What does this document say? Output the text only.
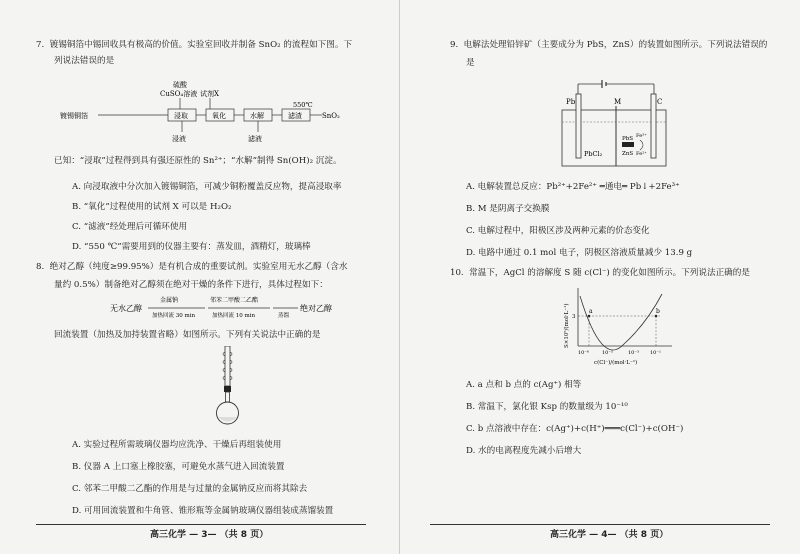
7. 镀锡铜箔中锡回收具有极高的价值。实验室回收并制备 SnO₂ 的流程如下图。下
列说法错误的是
硫酸
CuSO₄溶液 试剂X
镀锡铜箔	浸取	氧化	水解	滤渣
550℃
SnO₂
浸液	滤液
已知：“浸取”过程得到具有强还原性的 Sn²⁺；“水解”制得 Sn(OH)₂ 沉淀。
A. 向浸取液中分次加入镀锡铜箔，可减少铜粉覆盖反应物，提高浸取率
B. “氧化”过程使用的试剂 X 可以是 H₂O₂
C. “滤液”经处理后可循环使用
D. “550 ℃”需要用到的仪器主要有：蒸发皿，酒精灯，玻璃棒
8. 绝对乙醇（纯度≥99.95%）是有机合成的重要试剂。实验室用无水乙醇（含水
量约 0.5%）制备绝对乙醇须在绝对干燥的条件下进行，具体过程如下：
无水乙醇
金属钠
加热回流 30 min
邻苯二甲酸二乙酯
加热回流 10 min	蒸馏
绝对乙醇
回流装置（加热及加持装置省略）如图所示。下列有关说法中正确的是
A. 实验过程所需玻璃仪器均应洗净、干燥后再组装使用
B. 仪器 A 上口塞上橡胶塞，可避免水蒸气进入回流装置
C. 邻苯二甲酸二乙酯的作用是与过量的金属钠反应而将其除去
D. 可用回流装置和牛角管、锥形瓶等金属钠玻璃仪器组装成蒸馏装置
高三化学 — 3— （共 8 页）
9. 电解法处理铅锌矿（主要成分为 PbS，ZnS）的装置如图所示。下列说法错误的
是
Pb	M	C
PbCl₂
PbS Fe³⁺
ZnS Fe²⁺
A. 电解装置总反应：Pb²⁺+2Fe²⁺ ═通电═ Pb↓+2Fe³⁺
B. M 是阴离子交换膜
C. 电解过程中，阳极区涉及两种元素的价态变化
D. 电路中通过 0.1 mol 电子，阴极区溶液质量减少 13.9 g
10. 常温下，AgCl 的溶解度 S 随 c(Cl⁻) 的变化如图所示。下列说法正确的是
S×10⁵/(mol·L⁻¹) 3
a	b
10⁻⁶	10⁻⁵	10⁻³ 10⁻¹
c(Cl⁻)/(mol·L⁻¹)
A. a 点和 b 点的 c(Ag⁺) 相等
B. 常温下，氯化银 Ksp 的数量级为 10⁻¹⁰
C. b 点溶液中存在：c(Ag⁺)+c(H⁺)═══c(Cl⁻)+c(OH⁻)
D. 水的电离程度先减小后增大
高三化学 — 4— （共 8 页）
